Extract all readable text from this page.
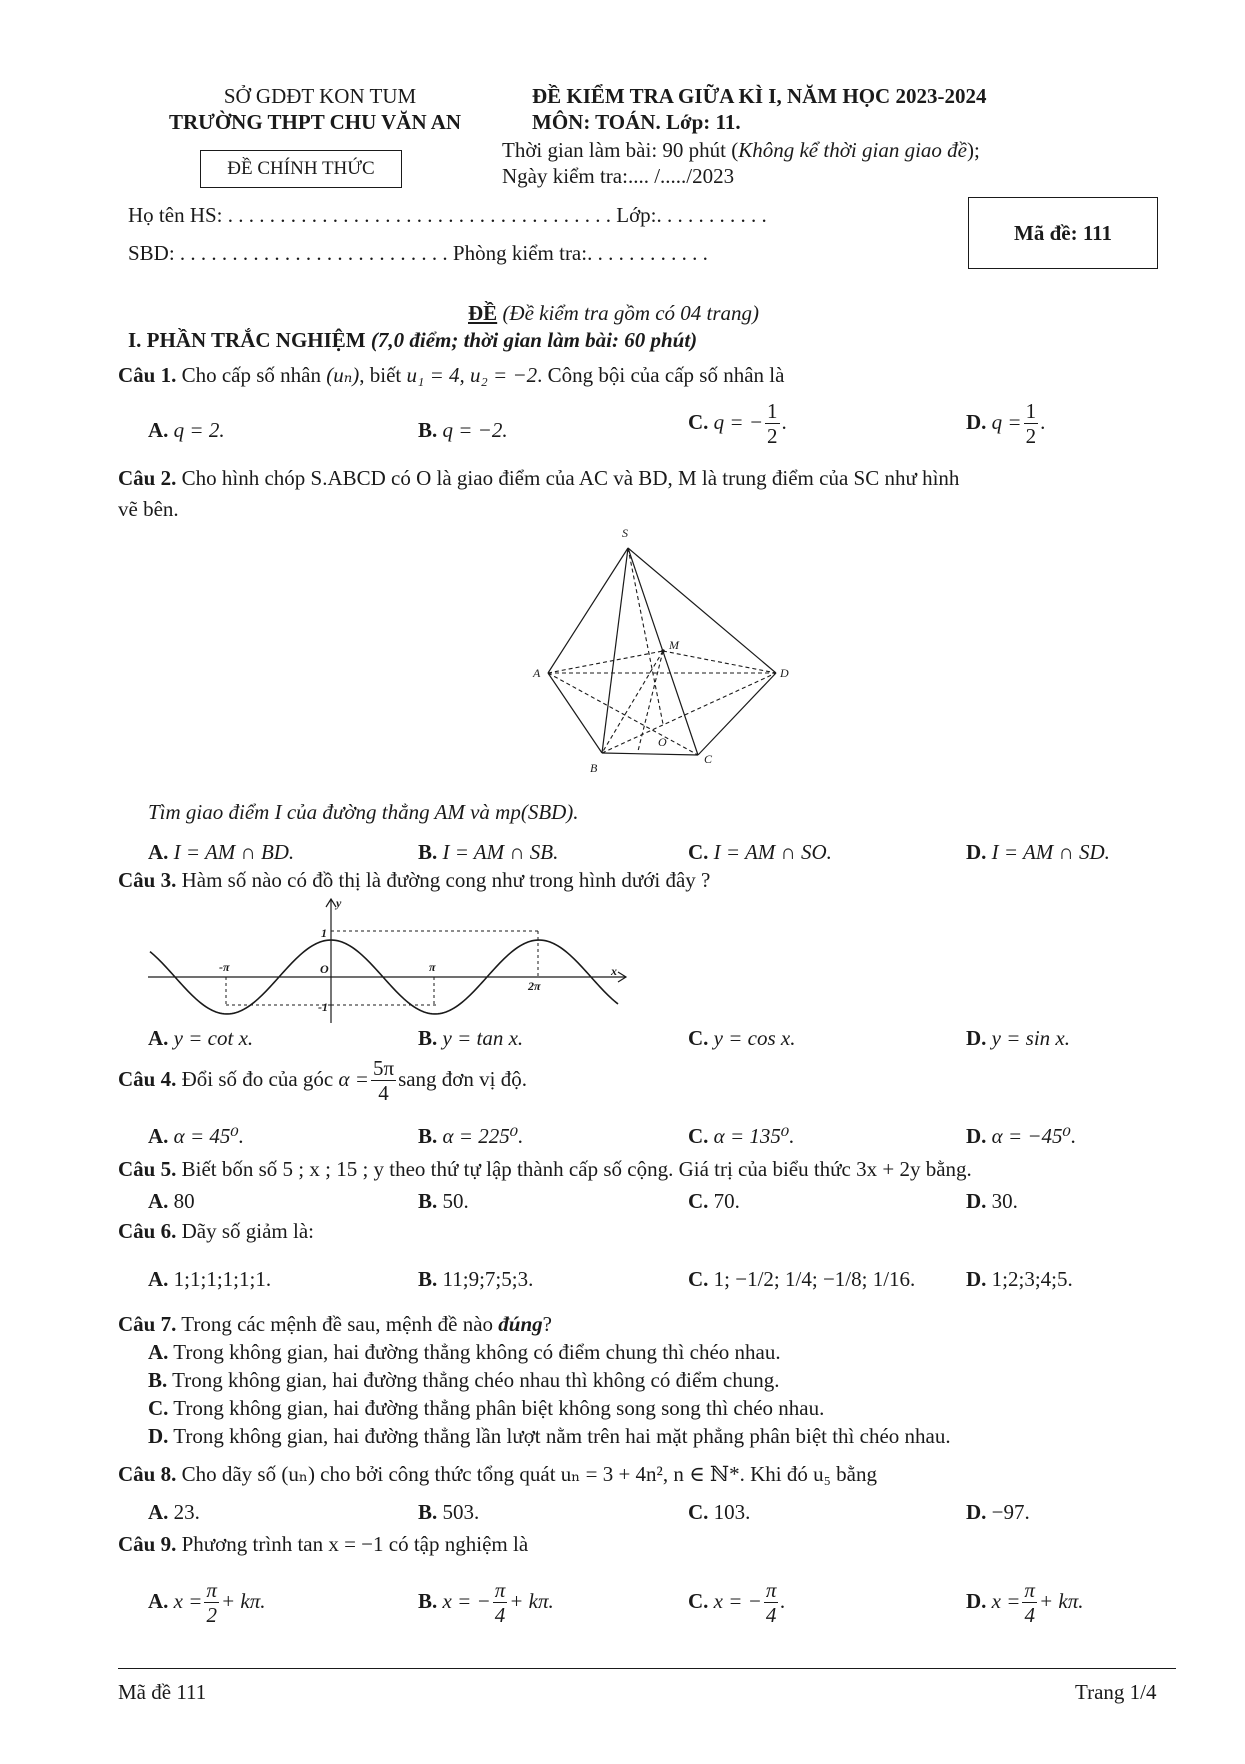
SỞ GDĐT KON TUM
TRƯỜNG THPT CHU VĂN AN
ĐỀ CHÍNH THỨC
ĐỀ KIỂM TRA GIỮA KÌ I, NĂM HỌC 2023-2024
MÔN: TOÁN. Lớp: 11.
Thời gian làm bài: 90 phút (Không kể thời gian giao đề);
Ngày kiểm tra:.... /...../2023
Họ tên HS: . . . . . . . . . . . . . . . . . . . . . . . . . . . . . . . . . . . . . Lớp:. . . . . . . . . . .
SBD: . . . . . . . . . . . . . . . . . . . . . . . . . . Phòng kiểm tra:. . . . . . . . . . . .
Mã đề: 111
ĐỀ (Đề kiểm tra gồm có 04 trang)
I. PHẦN TRẮC NGHIỆM (7,0 điểm; thời gian làm bài: 60 phút)
Câu 1. Cho cấp số nhân (uₙ), biết u₁ = 4, u₂ = −2. Công bội của cấp số nhân là
A. q = 2.	B. q = −2.	C. q = − $\frac{1}{2}$ .	D. $q = \frac{1}{2}$ .
Câu 2. Cho hình chóp S.ABCD có O là giao điểm của AC và BD, M là trung điểm của SC như hình
vẽ bên.
S
A
B
C
D
M
O
Tìm giao điểm I của đường thẳng AM và mp(SBD).
A. I = AM ∩ BD.	B. I = AM ∩ SB.	C. I = AM ∩ SO.	D. I = AM ∩ SD.
Câu 3. Hàm số nào có đồ thị là đường cong như trong hình dưới đây ?
y
x
1
-1
O
-π	π
2π
A. y = cot x.	B. y = tan x.	C. y = cos x.	D. y = sin x.
Câu 4. Đổi số đo của góc $\alpha = \frac{5\pi}{4}$ sang đơn vị độ.
A. α = 45⁰.	B. α = 225⁰.	C. α = 135⁰.	D. α = −45⁰.
Câu 5. Biết bốn số 5 ; x ; 15 ; y theo thứ tự lập thành cấp số cộng. Giá trị của biểu thức 3x + 2y bằng.
A. 80	B. 50.	C. 70.	D. 30.
Câu 6. Dãy số giảm là:
A. 1;1;1;1;1;1.	B. 11;9;7;5;3.	C. 1; −1/2; 1/4; −1/8; 1/16. D. 1;2;3;4;5.
Câu 7. Trong các mệnh đề sau, mệnh đề nào đúng?
A. Trong không gian, hai đường thẳng không có điểm chung thì chéo nhau.
B. Trong không gian, hai đường thẳng chéo nhau thì không có điểm chung.
C. Trong không gian, hai đường thẳng phân biệt không song song thì chéo nhau.
D. Trong không gian, hai đường thẳng lần lượt nằm trên hai mặt phẳng phân biệt thì chéo nhau.
Câu 8. Cho dãy số (uₙ) cho bởi công thức tổng quát uₙ = 3 + 4n², n ∈ ℕ*. Khi đó u₅ bằng
A. 23.	B. 503.	C. 103.	D. −97.
Câu 9. Phương trình tan x = −1 có tập nghiệm là
A. $x = \frac{\pi}{2} + k\pi$.	B. x = − $\frac{\pi}{4} + k\pi$.	C. x = − $\frac{\pi}{4}$ .	D. $x = \frac{\pi}{4} + k\pi$.
Mã đề 111	Trang 1/4
